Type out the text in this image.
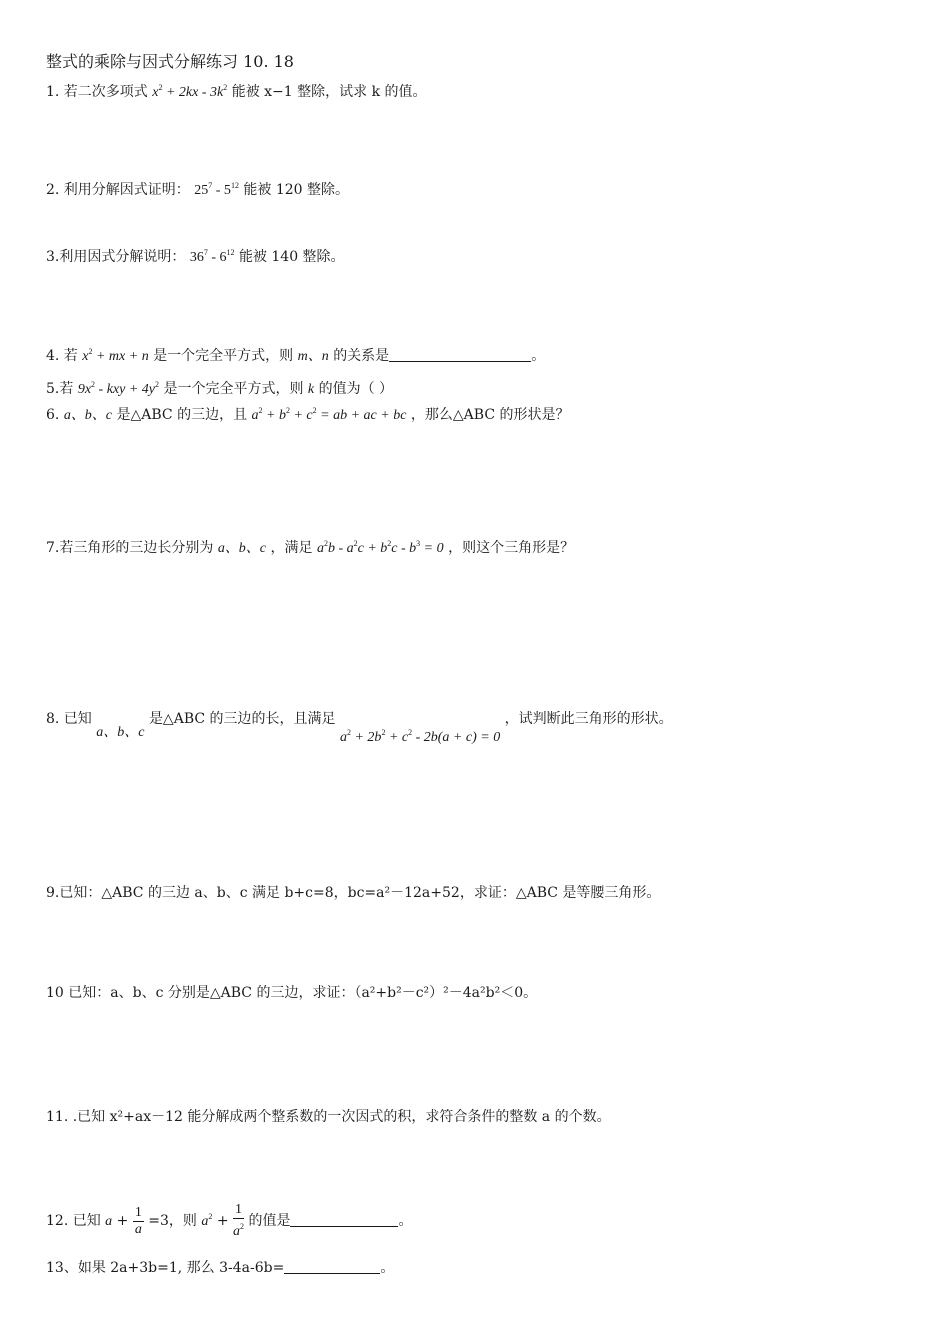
整式的乘除与因式分解练习 10. 18
1. 若二次多项式 $x^2 + 2kx - 3k^2$ 能被 x−1 整除，试求 k 的值。
2. 利用分解因式证明： $25^7 - 5^{12}$ 能被 120 整除。
3.利用因式分解说明： $36^7 - 6^{12}$ 能被 140 整除。
4. 若 $x^2$ + mx + n 是一个完全平方式，则 m、n 的关系是	。
5.若 $9x^2$ - kxy + $4y^2$ 是一个完全平方式，则 k 的值为（ ）
6. a、b、c 是△ABC 的三边，且 $a^2 + b^2 + c^2$ = ab + ac + bc ，那么△ABC 的形状是？
7.若三角形的三边长分别为 a、b、c ，满足 $a^2b - a^2c + b^2c - b^3 = 0$ ，则这个三角形是？
8. 已知 a、b、c 是△ABC 的三边的长，且满足 $a^2 + 2b^2 + c^2 - 2b(a + c) = 0$ ，试判断此三角形的形状。
9.已知：△ABC 的三边 a、b、c 满足 b+c=8，bc=a²－12a+52，求证：△ABC 是等腰三角形。
10 已知：a、b、c 分别是△ABC 的三边，求证：（a²+b²－c²）²－4a²b²＜0。
11. .已知 x²+ax－12 能分解成两个整系数的一次因式的积，求符合条件的整数 a 的个数。
12. 已知 $a + \frac{1}{a} =3$，则 $a^2 + \frac{1}{a^2}$ 的值是	。
13、如果 2a+3b=1, 那么 3-4a-6b=	。
